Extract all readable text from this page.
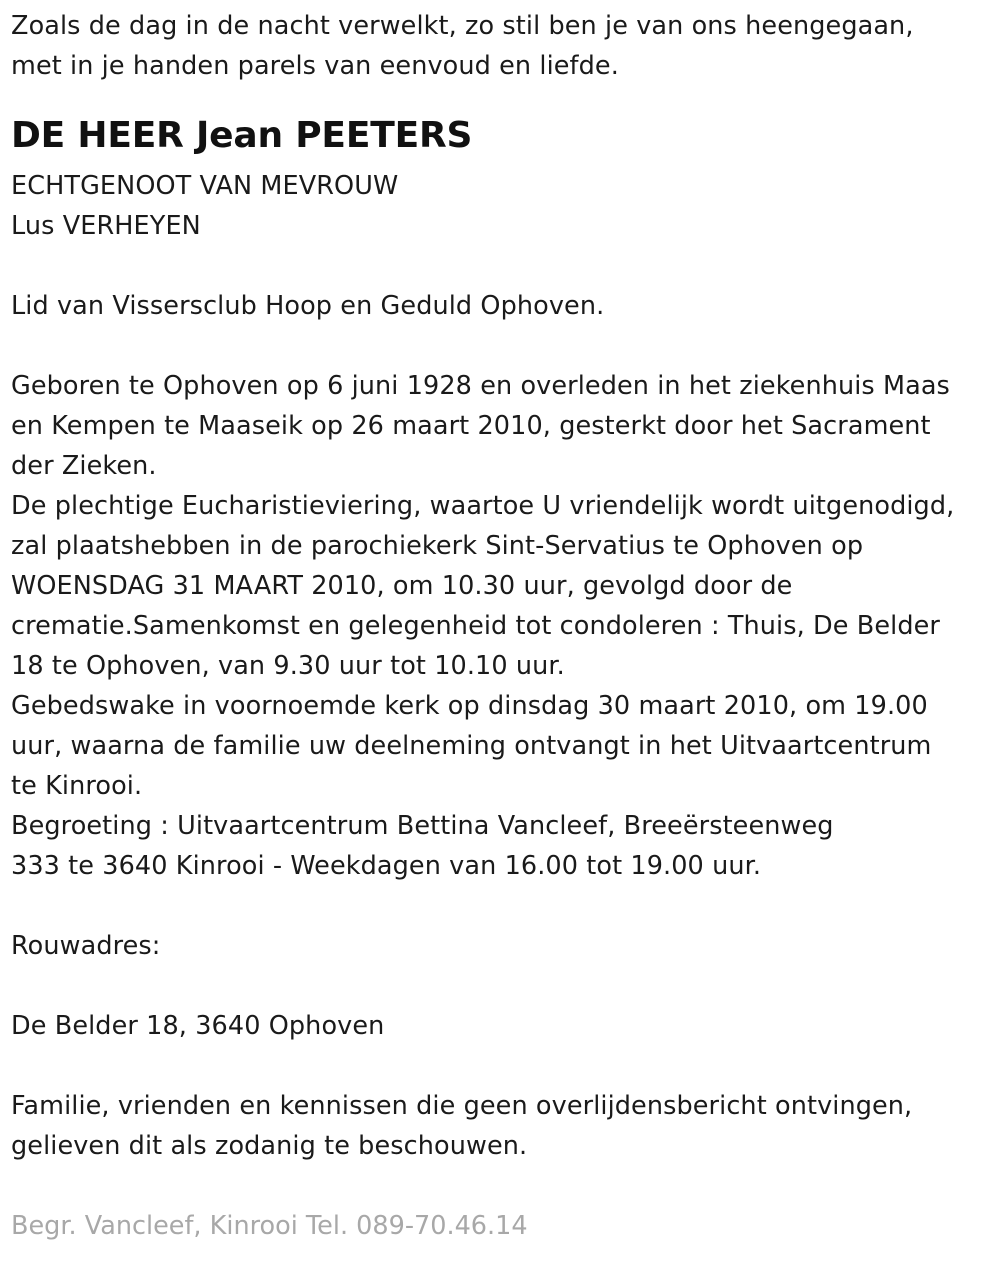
Zoals de dag in de nacht verwelkt, zo stil ben je van ons heengegaan,
met in je handen parels van eenvoud en liefde.
DE HEER Jean PEETERS
ECHTGENOOT VAN MEVROUW
Lus VERHEYEN
Lid van Vissersclub Hoop en Geduld Ophoven.
Geboren te Ophoven op 6 juni 1928 en overleden in het ziekenhuis Maas
en Kempen te Maaseik op 26 maart 2010, gesterkt door het Sacrament
der Zieken.
De plechtige Eucharistieviering, waartoe U vriendelijk wordt uitgenodigd,
zal plaatshebben in de parochiekerk Sint-Servatius te Ophoven op
WOENSDAG 31 MAART 2010, om 10.30 uur, gevolgd door de
crematie.Samenkomst en gelegenheid tot condoleren : Thuis, De Belder
18 te Ophoven, van 9.30 uur tot 10.10 uur.
Gebedswake in voornoemde kerk op dinsdag 30 maart 2010, om 19.00
uur, waarna de familie uw deelneming ontvangt in het Uitvaartcentrum
te Kinrooi.
Begroeting : Uitvaartcentrum Bettina Vancleef, Breeërsteenweg
333 te 3640 Kinrooi - Weekdagen van 16.00 tot 19.00 uur.
Rouwadres:
De Belder 18, 3640 Ophoven
Familie, vrienden en kennissen die geen overlijdensbericht ontvingen,
gelieven dit als zodanig te beschouwen.
Begr. Vancleef, Kinrooi Tel. 089-70.46.14
